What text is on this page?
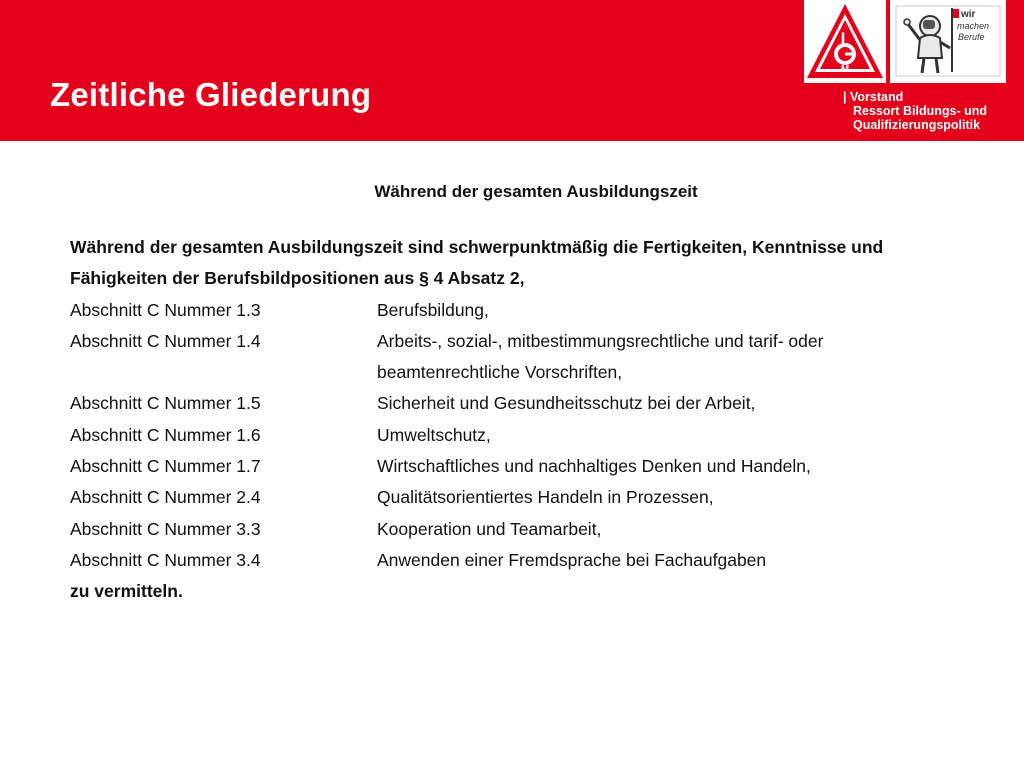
Zeitliche Gliederung
I
M
wir
machen
Berufe
| Vorstand
Ressort Bildungs- und
Qualifizierungspolitik
Während der gesamten Ausbildungszeit
Während der gesamten Ausbildungszeit sind schwerpunktmäßig die Fertigkeiten, Kenntnisse und
Fähigkeiten der Berufsbildpositionen aus § 4 Absatz 2,
Abschnitt C Nummer 1.3	Berufsbildung,
Abschnitt C Nummer 1.4	Arbeits-, sozial-, mitbestimmungsrechtliche und tarif- oder
beamtenrechtliche Vorschriften,
Abschnitt C Nummer 1.5	Sicherheit und Gesundheitsschutz bei der Arbeit,
Abschnitt C Nummer 1.6	Umweltschutz,
Abschnitt C Nummer 1.7	Wirtschaftliches und nachhaltiges Denken und Handeln,
Abschnitt C Nummer 2.4	Qualitätsorientiertes Handeln in Prozessen,
Abschnitt C Nummer 3.3	Kooperation und Teamarbeit,
Abschnitt C Nummer 3.4	Anwenden einer Fremdsprache bei Fachaufgaben
zu vermitteln.
